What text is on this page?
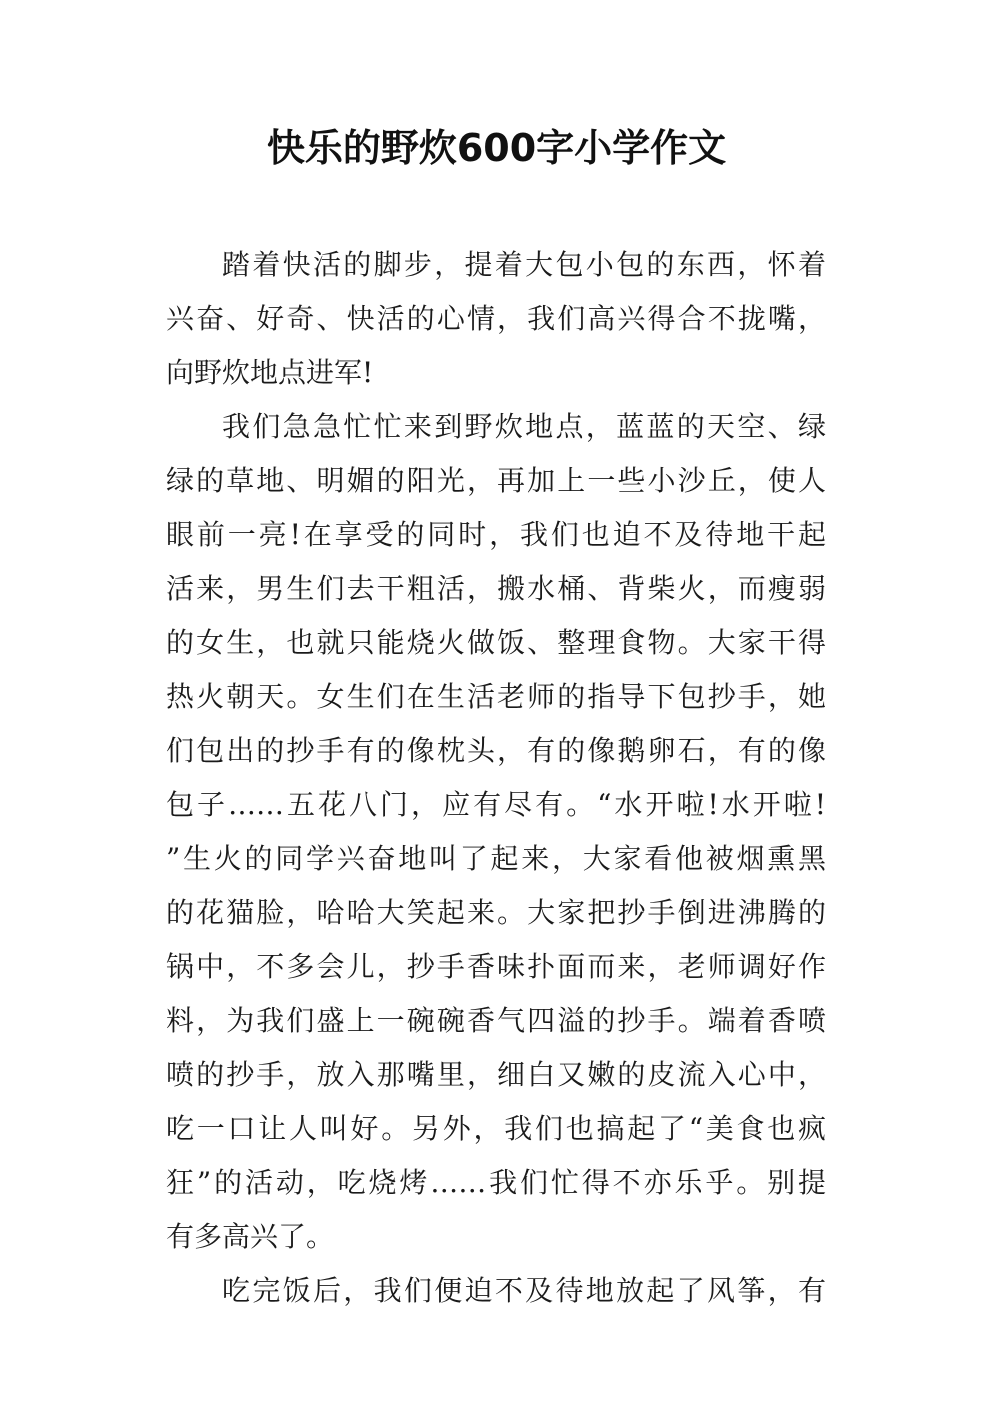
快乐的野炊600字小学作文
踏着快活的脚步，提着大包小包的东西，怀着
兴奋、好奇、快活的心情，我们高兴得合不拢嘴，
向野炊地点进军!
我们急急忙忙来到野炊地点，蓝蓝的天空、绿
绿的草地、明媚的阳光，再加上一些小沙丘，使人
眼前一亮!在享受的同时，我们也迫不及待地干起
活来，男生们去干粗活，搬水桶、背柴火，而瘦弱
的女生，也就只能烧火做饭、整理食物。大家干得
热火朝天。女生们在生活老师的指导下包抄手，她
们包出的抄手有的像枕头，有的像鹅卵石，有的像
包子……五花八门，应有尽有。“水开啦!水开啦!
”生火的同学兴奋地叫了起来，大家看他被烟熏黑
的花猫脸，哈哈大笑起来。大家把抄手倒进沸腾的
锅中，不多会儿，抄手香味扑面而来，老师调好作
料，为我们盛上一碗碗香气四溢的抄手。端着香喷
喷的抄手，放入那嘴里，细白又嫩的皮流入心中，
吃一口让人叫好。另外，我们也搞起了“美食也疯
狂”的活动，吃烧烤……我们忙得不亦乐乎。别提
有多高兴了。
吃完饭后，我们便迫不及待地放起了风筝，有
